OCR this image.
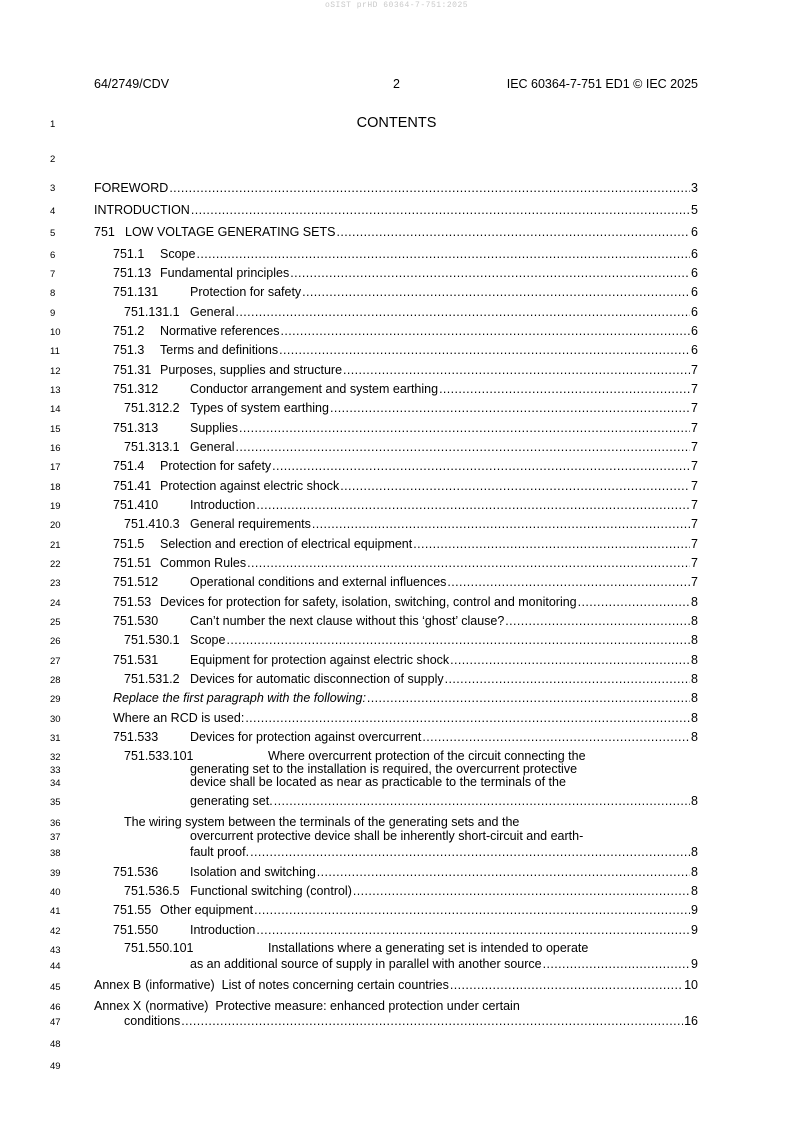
oSIST prHD 60364-7-751:2025
64/2749/CDV	2	IEC 60364-7-751 ED1 © IEC 2025
CONTENTS
1
2
3
4
5
6
7
8
9
10
11
12
13
14
15
16
17
18
19
20
21
22
23
24
25
26
27
28
29
30
31
32
33
34
35
36
37
38
39
40
41
42
43
44
45
46
47
48
49
FOREWORD .....	3
INTRODUCTION .....	5
751 LOW VOLTAGE GENERATING SETS .....	6
751.1	Scope .....	6
751.13 Fundamental principles .....	6
751.131	Protection for safety .....	6
751.131.1 General .....	6
751.2	Normative references .....	6
751.3	Terms and definitions .....	6
751.31 Purposes, supplies and structure .....	7
751.312	Conductor arrangement and system earthing .....	7
751.312.2 Types of system earthing .....	7
751.313	Supplies .....	7
751.313.1 General .....	7
751.4	Protection for safety .....	7
751.41 Protection against electric shock .....	7
751.410	Introduction .....	7
751.410.3 General requirements .....	7
751.5	Selection and erection of electrical equipment .....	7
751.51 Common Rules .....	7
751.512	Operational conditions and external influences .....	7
751.53 Devices for protection for safety, isolation, switching, control and monitoring .....	8
751.530	Can’t number the next clause without this ‘ghost’ clause? .....	8
751.530.1 Scope .....	8
751.531	Equipment for protection against electric shock .....	8
751.531.2 Devices for automatic disconnection of supply .....	8
Replace the first paragraph with the following: .....	8
Where an RCD is used: .....	8
751.533	Devices for protection against overcurrent .....	8
751.533.101	Where overcurrent protection of the circuit connecting the
generating set to the installation is required, the overcurrent protective
device shall be located as near as practicable to the terminals of the
generating set. .....	8
The wiring system between the terminals of the generating sets and the
overcurrent protective device shall be inherently short-circuit and earth-
fault proof. .....	8
751.536	Isolation and switching .....	8
751.536.5 Functional switching (control) .....	8
751.55 Other equipment .....	9
751.550	Introduction .....	9
751.550.101	Installations where a generating set is intended to operate
as an additional source of supply in parallel with another source .....	9
Annex B (informative)  List of notes concerning certain countries .....	10
Annex X (normative)  Protective measure: enhanced protection under certain
conditions .....	16
